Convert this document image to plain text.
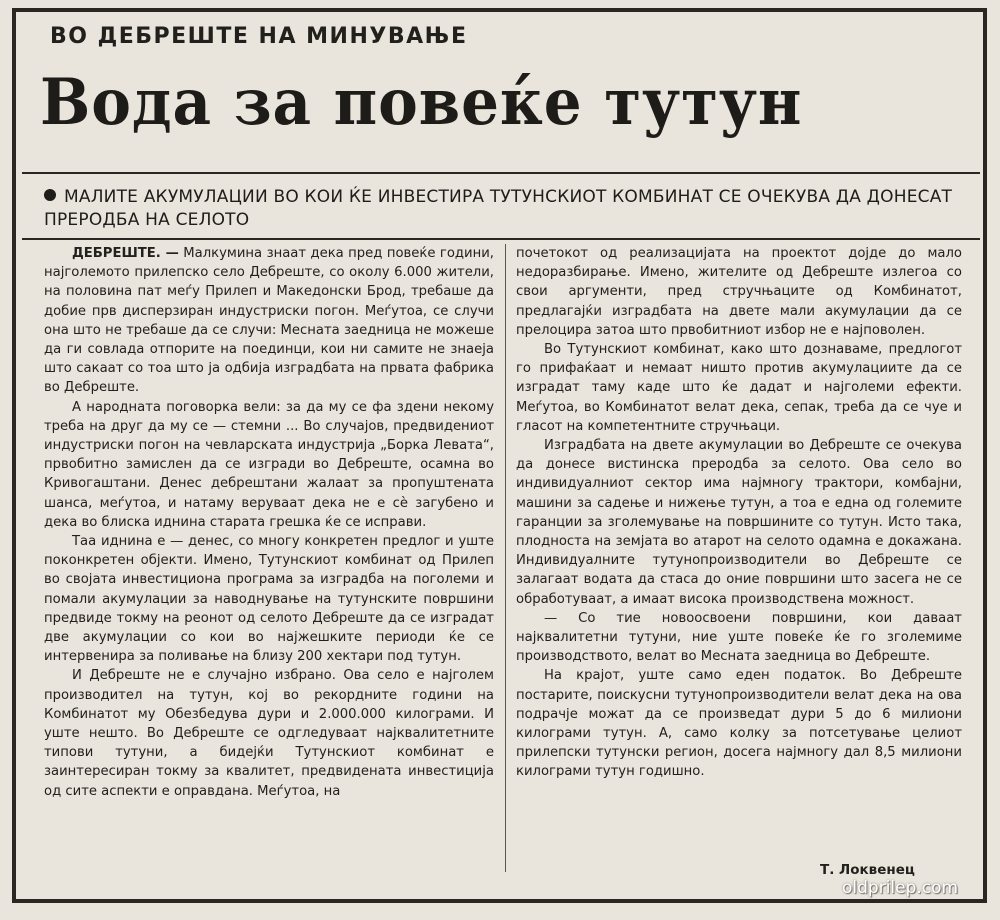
ВО ДЕБРЕШТЕ НА МИНУВАЊЕ
Вода за повеќе тутун
МАЛИТЕ АКУМУЛАЦИИ ВО КОИ ЌЕ ИНВЕСТИРА ТУТУНСКИОТ КОМБИНАТ СЕ ОЧЕКУВА ДА ДОНЕСАТ ПРЕРОДБА НА СЕЛОТО

ДЕБРЕШТЕ. — Малкумина знаат дека пред повеќе години, најголемото прилепско село Дебреште, со околу 6.000 жители, на половина пат меѓу Прилеп и Македонски Брод, требаше да добие прв дисперзиран индустриски погон. Меѓутоа, се случи она што не требаше да се случи: Месната заедница не можеше да ги совлада отпорите на поединци, кои ни самите не знаеја што сакаат со тоа што ја одбија изградбата на првата фабрика во Дебреште.

А народната поговорка вели: за да му се фа здени некому треба на друг да му се — стемни ... Во случајов, предвидениот индустриски погон на чевларската индустрија „Борка Левата“, првобитно замислен да се изгради во Дебреште, осамна во Кривогаштани. Денес дебрештани жалаат за пропуштената шанса, меѓутоа, и натаму веруваат дека не е сè загубено и дека во блиска иднина старата грешка ќе се исправи.

Таа иднина е — денес, со многу конкретен предлог и уште поконкретен објекти. Имено, Тутунскиот комбинат од Прилеп во својата инвестициона програма за изградба на поголеми и помали акумулации за наводнување на тутунските површини предвиде токму на реонот од селото Дебреште да се изградат две акумулации со кои во најжешките периоди ќе се интервенира за поливање на близу 200 хектари под тутун.

И Дебреште не е случајно избрано. Ова село е најголем производител на тутун, кој во рекордните години на Комбинатот му Обезбедува дури и 2.000.000 килограми. И уште нешто. Во Дебреште се одгледуваат најквалитетните типови тутуни, а бидејќи Тутунскиот комбинат е заинтересиран токму за квалитет, предвидената инвестиција од сите аспекти е оправдана. Меѓутоа, на

почетокот од реализацијата на проектот дојде до мало недоразбирање. Имено, жителите од Дебреште излегоа со свои аргументи, пред стручњаците од Комбинатот, предлагајќи изградбата на двете мали акумулации да се прелоцира затоа што првобитниот избор не е најповолен.

Во Тутунскиот комбинат, како што дознаваме, предлогот го прифаќаат и немаат ништо против акумулациите да се изградат таму каде што ќе дадат и најголеми ефекти. Меѓутоа, во Комбинатот велат дека, сепак, треба да се чуе и гласот на компетентните стручњаци.

Изградбата на двете акумулации во Дебреште се очекува да донесе вистинска преродба за селото. Ова село во индивидуалниот сектор има најмногу трактори, комбајни, машини за садење и нижење тутун, а тоа е една од големите гаранции за зголемување на површините со тутун. Исто така, плодноста на земјата во атарот на селото одамна е докажана. Индивидуалните тутунопроизводители во Дебреште се залагаат водата да стаса до оние површини што засега не се обработуваат, а имаат висока производствена можност.

— Со тие новоосвоени површини, кои даваат најквалитетни тутуни, ние уште повеќе ќе го зголемиме производството, велат во Месната заедница во Дебреште.

На крајот, уште само еден податок. Во Дебреште постарите, поискусни тутунопроизводители велат дека на ова подрачје можат да се произведат дури 5 до 6 милиони килограми тутун. А, само колку за потсетување целиот прилепски тутунски регион, досега најмногу дал 8,5 милиони килограми тутун годишно.

Т. Локвенец
oldprilep.com
